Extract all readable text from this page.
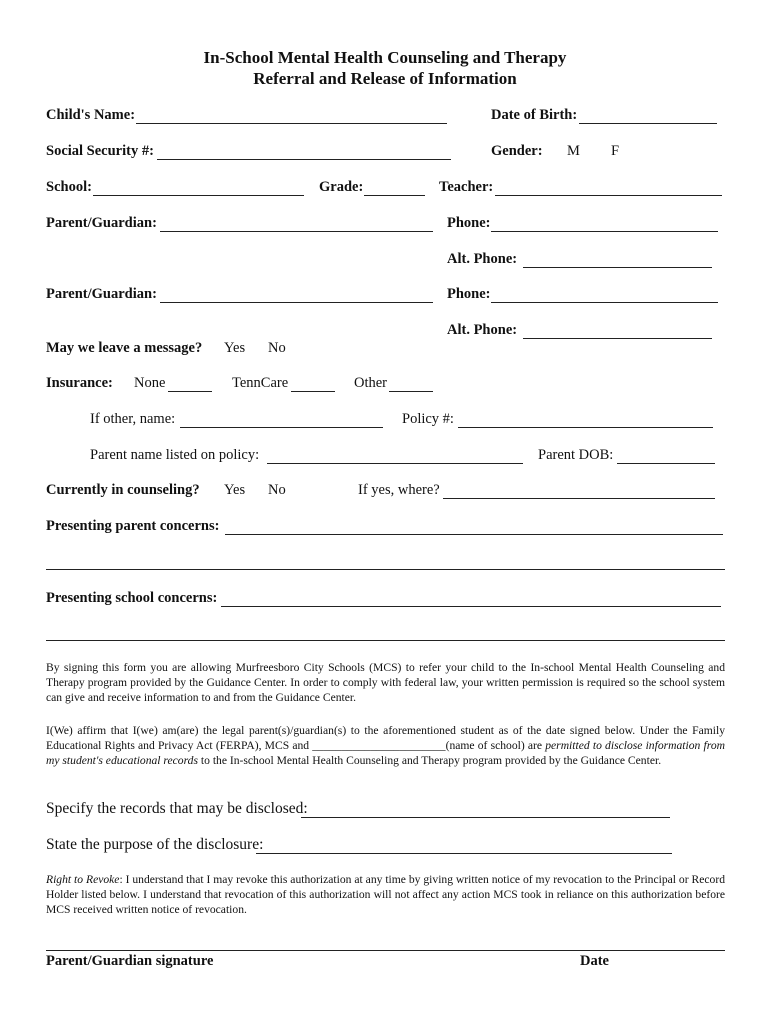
In-School Mental Health Counseling and Therapy
Referral and Release of Information
Child's Name:	Date of Birth:
Social Security #:	Gender: M F
School:	Grade:	Teacher:
Parent/Guardian:	Phone:
Alt. Phone:
Parent/Guardian:	Phone:
Alt. Phone:
May we leave a message? Yes No
Insurance: None	TennCare	Other
If other, name:	Policy #:
Parent name listed on policy:	Parent DOB:
Currently in counseling? Yes No	If yes, where?
Presenting parent concerns:
Presenting school concerns:
By signing this form you are allowing Murfreesboro City Schools (MCS) to refer your child to the In-school Mental Health Counseling and Therapy program provided by the Guidance Center. In order to comply with federal law, your written permission is required so the school system can give and receive information to and from the Guidance Center.
I(We) affirm that I(we) am(are) the legal parent(s)/guardian(s) to the aforementioned student as of the date signed below. Under the Family Educational Rights and Privacy Act (FERPA), MCS and _______________________(name of school) are permitted to disclose information from my student's educational records to the In-school Mental Health Counseling and Therapy program provided by the Guidance Center.
Specify the records that may be disclosed:
State the purpose of the disclosure:
Right to Revoke: I understand that I may revoke this authorization at any time by giving written notice of my revocation to the Principal or Record Holder listed below. I understand that revocation of this authorization will not affect any action MCS took in reliance on this authorization before MCS received written notice of revocation.
Parent/Guardian signature	Date
